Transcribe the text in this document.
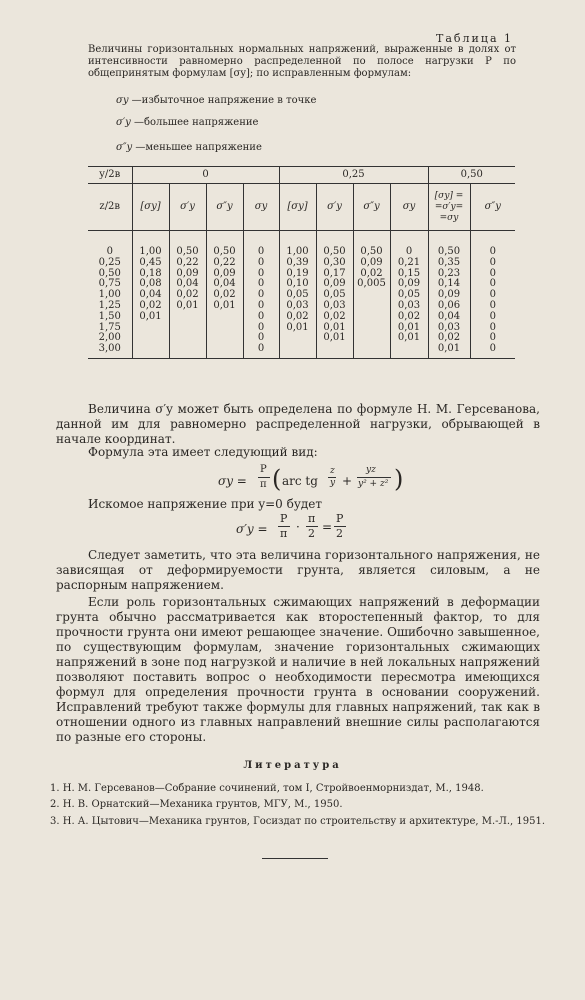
Таблица 1
Величины горизонтальных нормальных напряжений, выраженные в долях от интенсивности равномерно распределенной по полосе нагрузки P по общепринятым формулам [σy]; по исправленным формулам:
σy —избыточное напряжение в точке
σ′y —большее напряжение
σ″y —меньшее напряжение
y/2в	0				0,25				0,50	
z/2в	[σy]	σ′y	σ″y	σy	[σy]	σ′y	σ″y	σy	[σy] = =σ′y= =σy	σ″y

0	1,00	0,50	0,50	0	1,00	0,50	0,50	0	0,50	0
0,25	0,45	0,22	0,22	0	0,39	0,30	0,09	0,21	0,35	0
0,50	0,18	0,09	0,09	0	0,19	0,17	0,02	0,15	0,23	0
0,75	0,08	0,04	0,04	0	0,10	0,09	0,005	0,09	0,14	0
1,00	0,04	0,02	0,02	0	0,05	0,05		0,05	0,09	0
1,25	0,02	0,01	0,01	0	0,03	0,03		0,03	0,06	0
1,50	0,01			0	0,02	0,02		0,02	0,04	0
1,75				0	0,01	0,01		0,01	0,03	0
2,00				0		0,01		0,01	0,02	0
3,00				0					0,01	0
Величина σ′y может быть определена по формуле Н. М. Герсеванова, данной им для равномерно распределенной нагрузки, обрывающей в начале координат.
Формула эта имеет следующий вид:
σy =
P
π ( arc tg
z
y +
yz
y² + z² )
Искомое напряжение при y=0 будет
σ′y =
P
π ·
π
2 =
P
2
Следует заметить, что эта величина горизонтального напряжения, не зависящая от деформируемости грунта, является силовым, а не распорным напряжением.
Если роль горизонтальных сжимающих напряжений в деформации грунта обычно рассматривается как второстепенный фактор, то для прочности грунта они имеют решающее значение. Ошибочно завышенное, по существующим формулам, значение горизонтальных сжимающих напряжений в зоне под нагрузкой и наличие в ней локальных напряжений позволяют поставить вопрос о необходимости пересмотра имеющихся формул для определения прочности грунта в основании сооружений. Исправлений требуют также формулы для главных напряжений, так как в отношении одного из главных направлений внешние силы располагаются по разные его стороны.
Литература
1. Н. М. Герсеванов—Собрание сочинений, том I, Стройвоенморниздат, М., 1948.
2. Н. В. Орнатский—Механика грунтов, МГУ, М., 1950.
3. Н. А. Цытович—Механика грунтов, Госиздат по строительству и архитектуре, М.-Л., 1951.
